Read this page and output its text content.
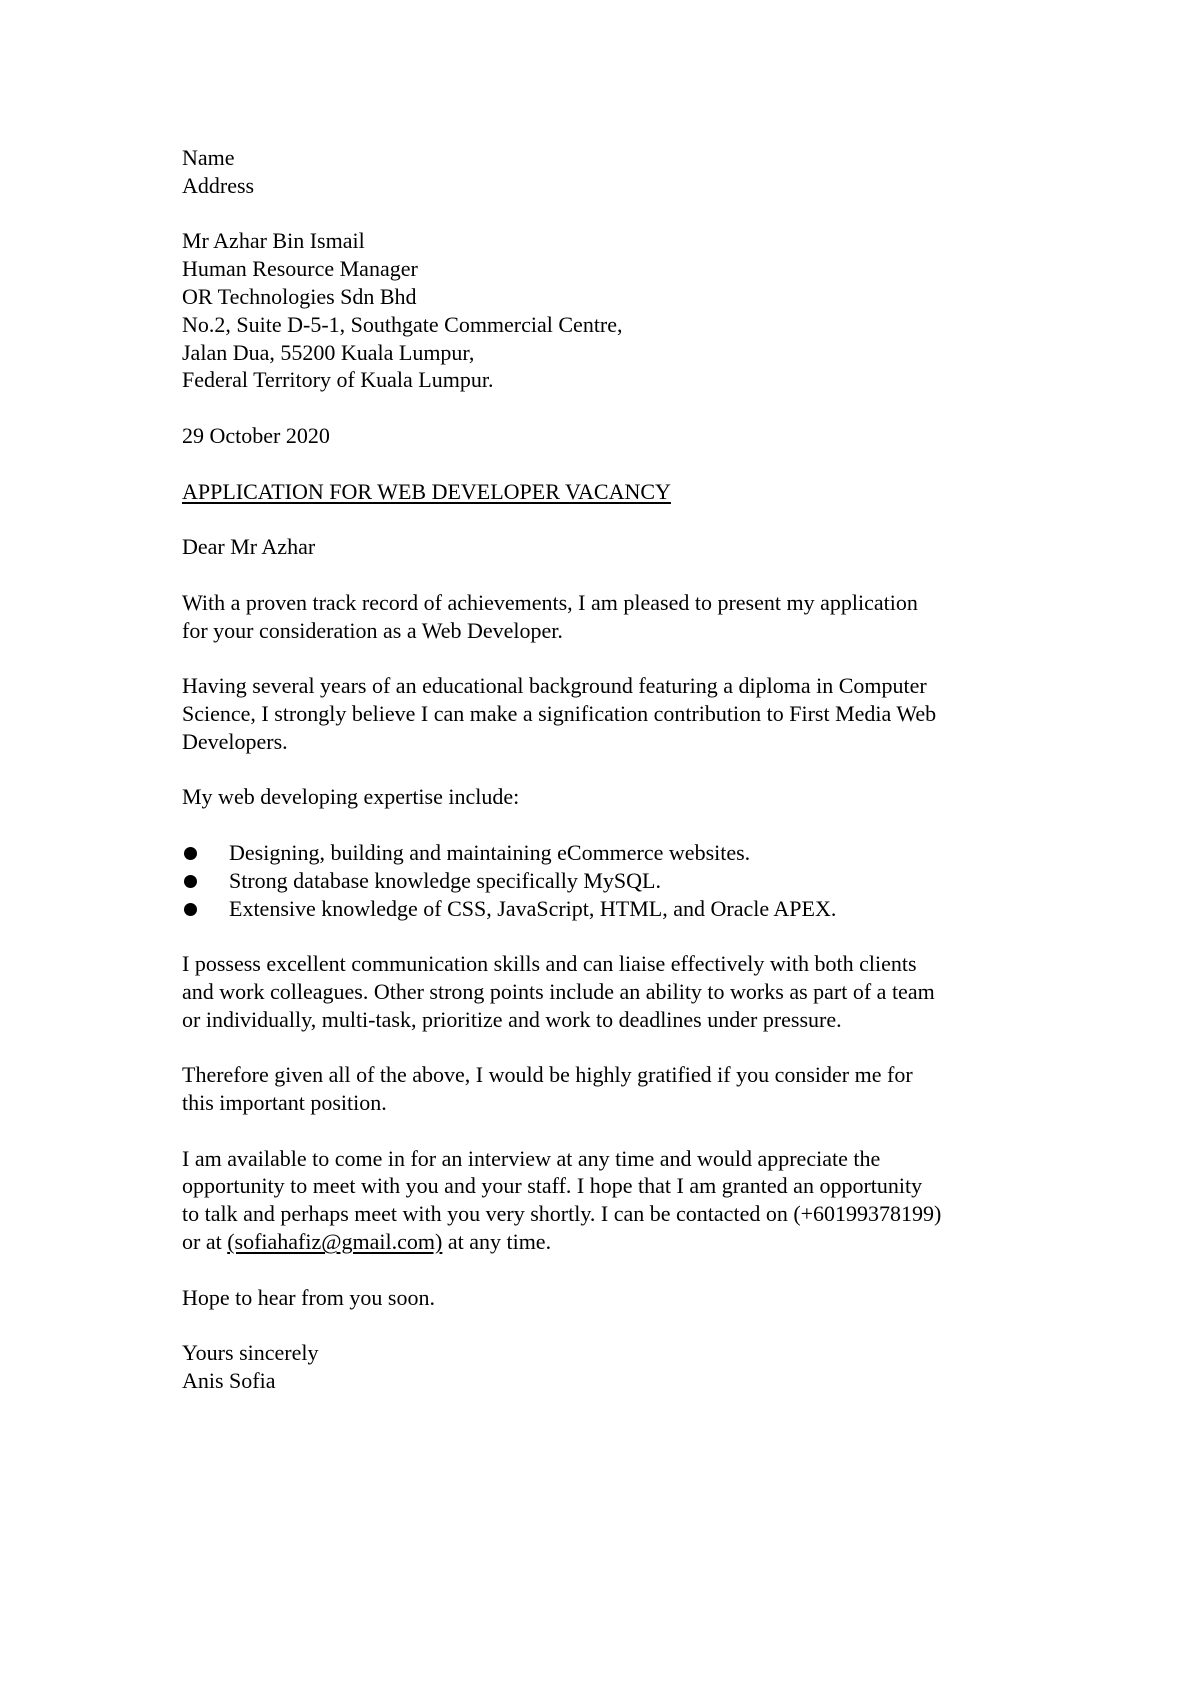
Name
Address
Mr Azhar Bin Ismail
Human Resource Manager
OR Technologies Sdn Bhd
No.2, Suite D-5-1, Southgate Commercial Centre,
Jalan Dua, 55200 Kuala Lumpur,
Federal Territory of Kuala Lumpur.
29 October 2020
APPLICATION FOR WEB DEVELOPER VACANCY
Dear Mr Azhar
With a proven track record of achievements, I am pleased to present my application
for your consideration as a Web Developer.
Having several years of an educational background featuring a diploma in Computer
Science, I strongly believe I can make a signification contribution to First Media Web
Developers.
My web developing expertise include:
Designing, building and maintaining eCommerce websites.
Strong database knowledge specifically MySQL.
Extensive knowledge of CSS, JavaScript, HTML, and Oracle APEX.
I possess excellent communication skills and can liaise effectively with both clients
and work colleagues. Other strong points include an ability to works as part of a team
or individually, multi-task, prioritize and work to deadlines under pressure.
Therefore given all of the above, I would be highly gratified if you consider me for
this important position.
I am available to come in for an interview at any time and would appreciate the
opportunity to meet with you and your staff. I hope that I am granted an opportunity
to talk and perhaps meet with you very shortly. I can be contacted on (+60199378199)
or at (sofiahafiz@gmail.com) at any time.
Hope to hear from you soon.
Yours sincerely
Anis Sofia
